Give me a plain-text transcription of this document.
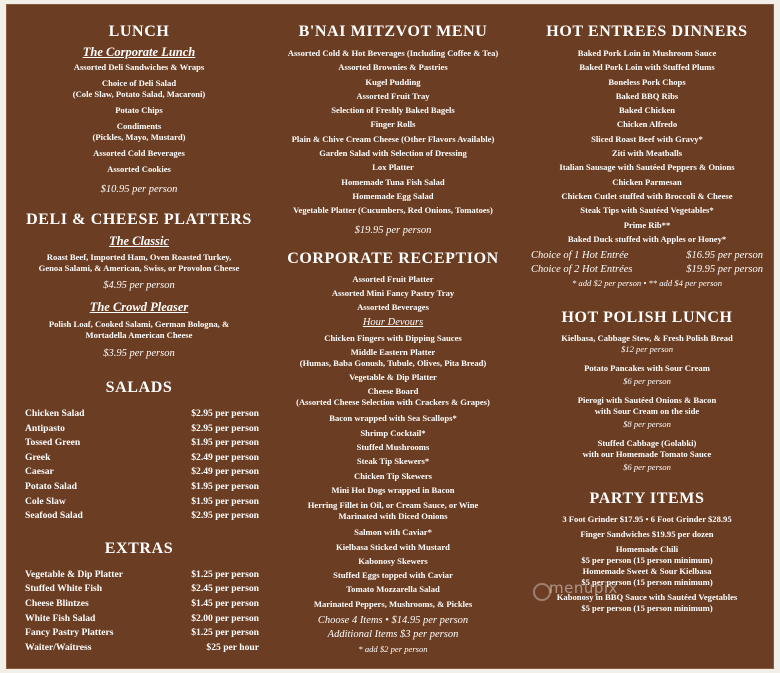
LUNCH
The Corporate Lunch
Assorted Deli Sandwiches & Wraps
Choice of Deli Salad
(Cole Slaw, Potato Salad, Macaroni)
Potato Chips
Condiments
(Pickles, Mayo, Mustard)
Assorted Cold Beverages
Assorted Cookies
$10.95 per person
DELI & CHEESE PLATTERS
The Classic
Roast Beef, Imported Ham, Oven Roasted Turkey,
Genoa Salami, & American, Swiss, or Provolon Cheese
$4.95 per person
The Crowd Pleaser
Polish Loaf, Cooked Salami, German Bologna, &
Mortadella American Cheese
$3.95 per person
SALADS
Chicken Salad	$2.95 per person
Antipasto	$2.95 per person
Tossed Green	$1.95 per person
Greek	$2.49 per person
Caesar	$2.49 per person
Potato Salad	$1.95 per person
Cole Slaw	$1.95 per person
Seafood Salad	$2.95 per person
EXTRAS
Vegetable & Dip Platter	$1.25 per person
Stuffed White Fish	$2.45 per person
Cheese Blintzes	$1.45 per person
White Fish Salad	$2.00 per person
Fancy Pastry Platters	$1.25 per person
Waiter/Waitress	$25 per hour
B'NAI MITZVOT MENU
Assorted Cold & Hot Beverages (Including Coffee & Tea)
Assorted Brownies & Pastries
Kugel Pudding
Assorted Fruit Tray
Selection of Freshly Baked Bagels
Finger Rolls
Plain & Chive Cream Cheese (Other Flavors Available)
Garden Salad with Selection of Dressing
Lox Platter
Homemade Tuna Fish Salad
Homemade Egg Salad
Vegetable Platter (Cucumbers, Red Onions, Tomatoes)
$19.95 per person
CORPORATE RECEPTION
Assorted Fruit Platter
Assorted Mini Fancy Pastry Tray
Assorted Beverages
Hour Devours
Chicken Fingers with Dipping Sauces
Middle Eastern Platter
(Humas, Baba Gonush, Tubule, Olives, Pita Bread)
Vegetable & Dip Platter
Cheese Board
(Assorted Cheese Selection with Crackers & Grapes)
Bacon wrapped with Sea Scallops*
Shrimp Cocktail*
Stuffed Mushrooms
Steak Tip Skewers*
Chicken Tip Skewers
Mini Hot Dogs wrapped in Bacon
Herring Fillet in Oil, or Cream Sauce, or Wine
Marinated with Diced Onions
Salmon with Caviar*
Kielbasa Sticked with Mustard
Kabonosy Skewers
Stuffed Eggs topped with Caviar
Tomato Mozzarella Salad
Marinated Peppers, Mushrooms, & Pickles
Choose 4 Items • $14.95 per person
Additional Items $3 per person
* add $2 per person
HOT ENTREES DINNERS
Baked Pork Loin in Mushroom Sauce
Baked Pork Loin with Stuffed Plums
Boneless Pork Chops
Baked BBQ Ribs
Baked Chicken
Chicken Alfredo
Sliced Roast Beef with Gravy*
Ziti with Meatballs
Italian Sausage with Sautéed Peppers & Onions
Chicken Parmesan
Chicken Cutlet stuffed with Broccoli & Cheese
Steak Tips with Sautéed Vegetables*
Prime Rib**
Baked Duck stuffed with Apples or Honey*
Choice of 1 Hot Entrée	$16.95 per person
Choice of 2 Hot Entrées	$19.95 per person
* add $2 per person • ** add $4 per person
HOT POLISH LUNCH
Kielbasa, Cabbage Stew, & Fresh Polish Bread
$12 per person
Potato Pancakes with Sour Cream
$6 per person
Pierogi with Sautéed Onions & Bacon
with Sour Cream on the side
$8 per person
Stuffed Cabbage (Golabki)
with our Homemade Tomato Sauce
$6 per person
PARTY ITEMS
3 Foot Grinder $17.95 • 6 Foot Grinder $28.95
Finger Sandwiches $19.95 per dozen
Homemade Chili
$5 per person (15 person minimum)
Homemade Sweet & Sour Kielbasa
$5 per person (15 person minimum)
Kabonosy in BBQ Sauce with Sautéed Vegetables
$5 per person (15 person minimum)
menupix
